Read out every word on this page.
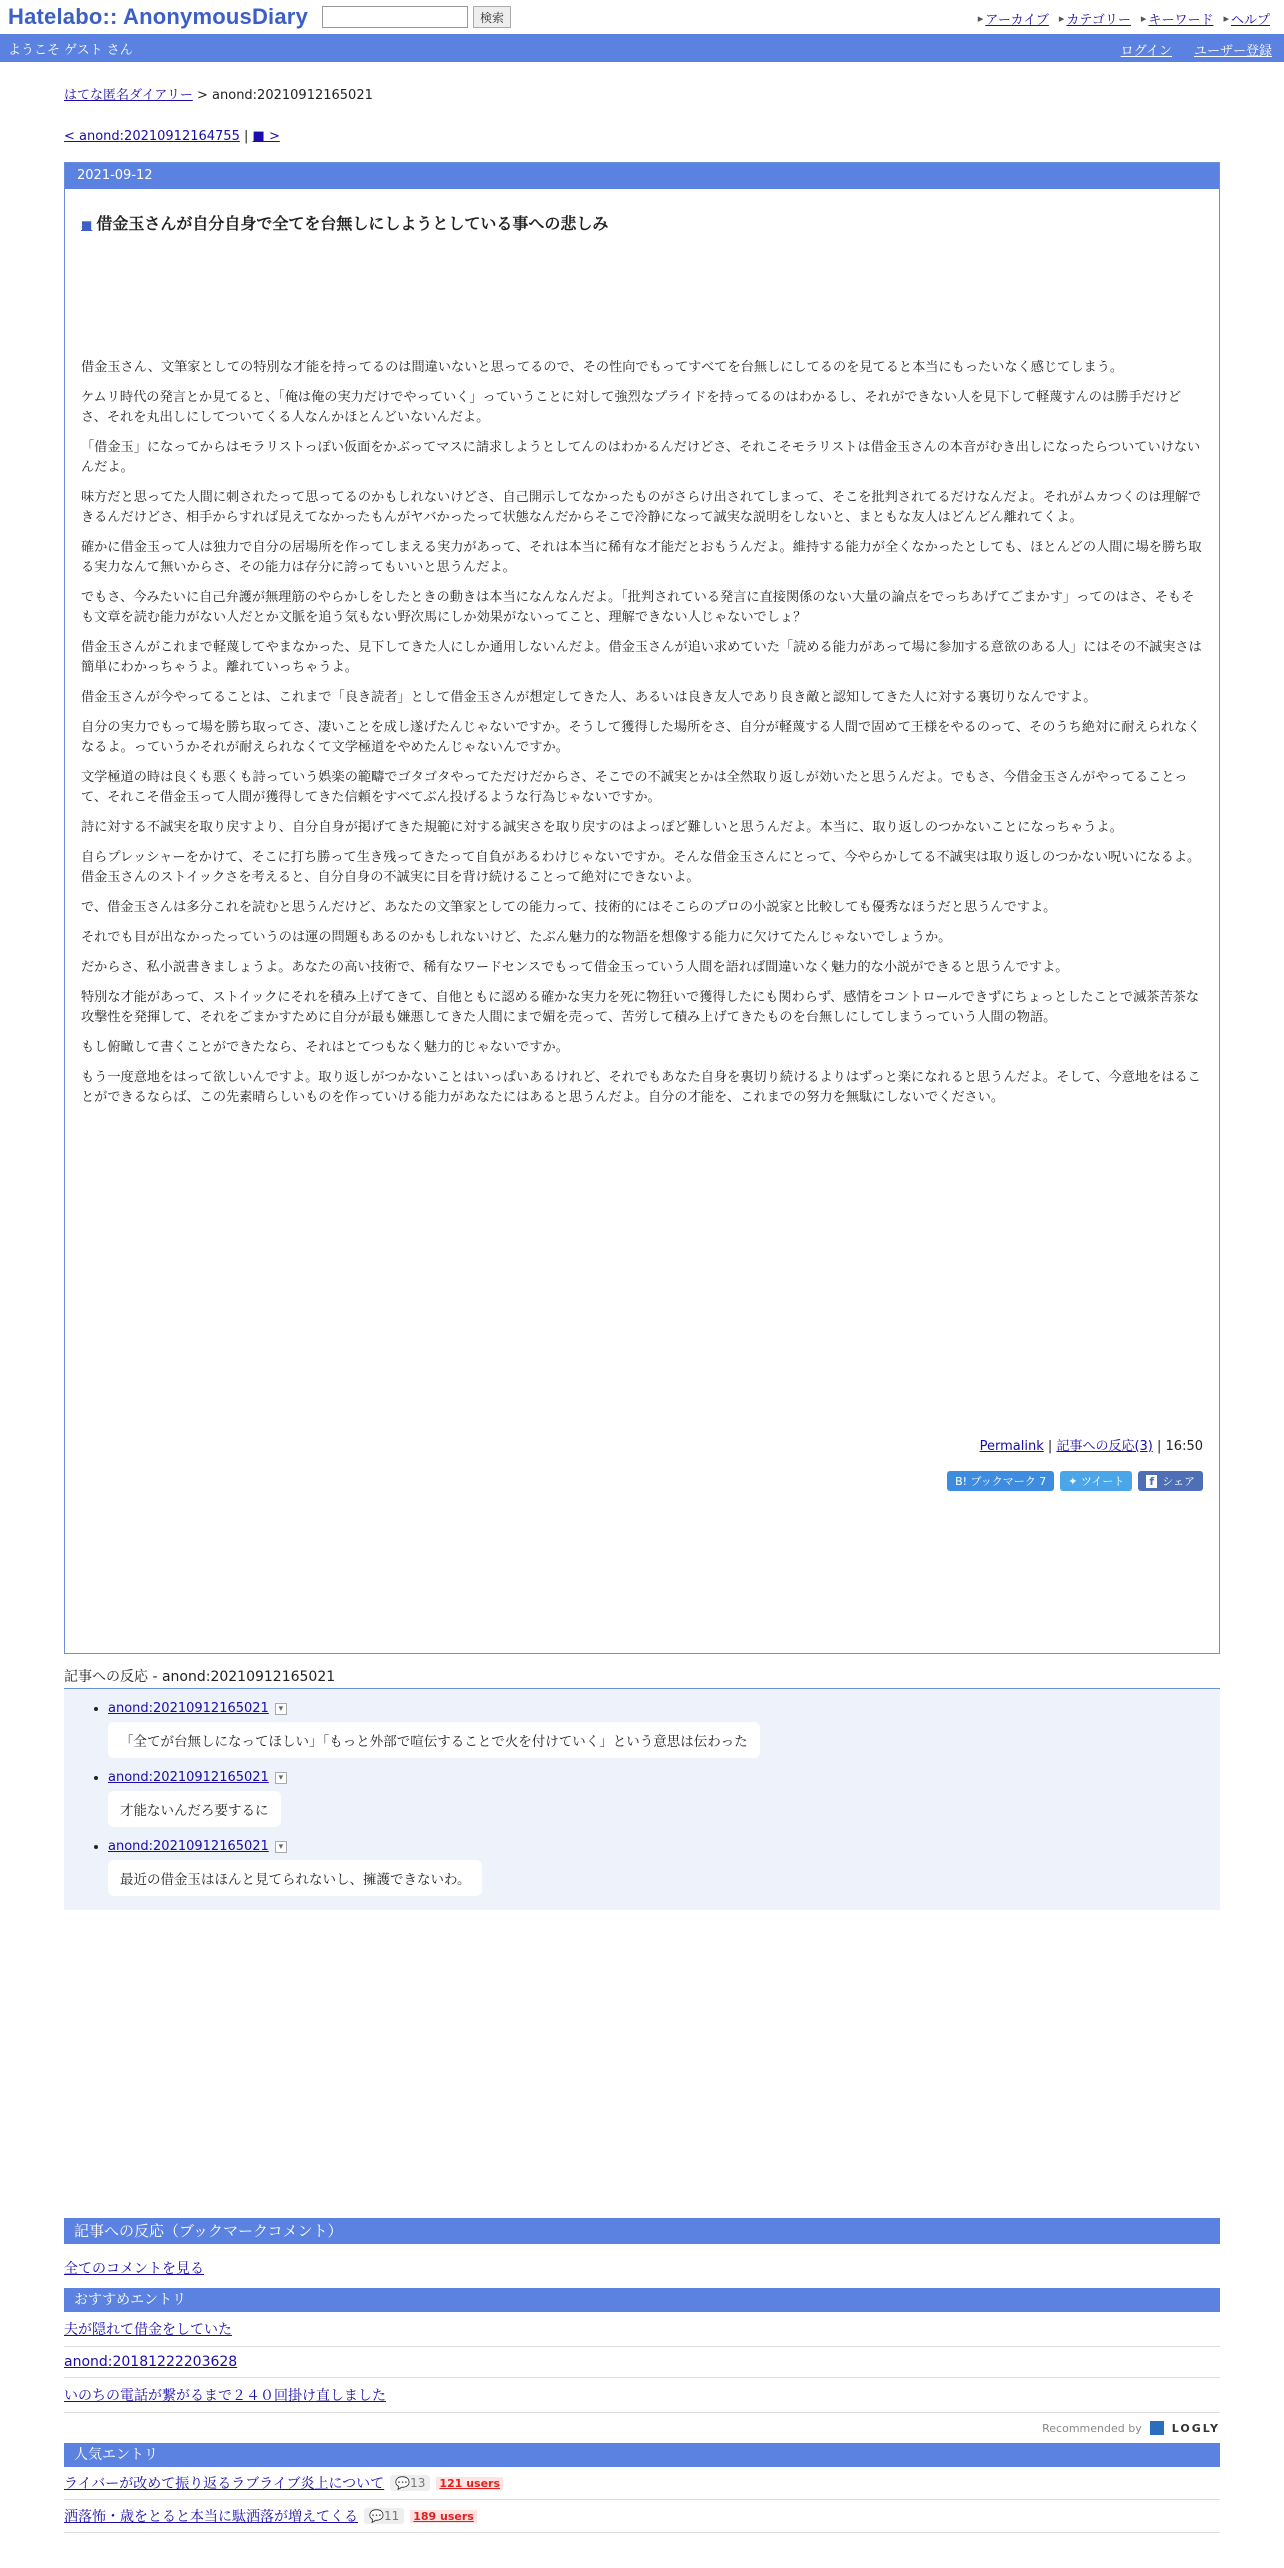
Hatelabo:: AnonymousDiary	検索	▸ アーカイブ ▸ カテゴリー ▸ キーワード ▸ ヘルプ
ようこそ ゲスト さん	ログイン ユーザー登録
はてな匿名ダイアリー > anond:20210912165021
< anond:20210912164755 | ■ >
2021-09-12
■ 借金玉さんが自分自身で全てを台無しにしようとしている事への悲しみ

借金玉さん、文筆家としての特別な才能を持ってるのは間違いないと思ってるので、その性向でもってすべてを台無しにしてるのを見てると本当にもったいなく感じてしまう。

ケムリ時代の発言とか見てると、「俺は俺の実力だけでやっていく」っていうことに対して強烈なプライドを持ってるのはわかるし、それができない人を見下して軽蔑すんのは勝手だけどさ、それを丸出しにしてついてくる人なんかほとんどいないんだよ。

「借金玉」になってからはモラリストっぽい仮面をかぶってマスに請求しようとしてんのはわかるんだけどさ、それこそモラリストは借金玉さんの本音がむき出しになったらついていけないんだよ。

味方だと思ってた人間に刺されたって思ってるのかもしれないけどさ、自己開示してなかったものがさらけ出されてしまって、そこを批判されてるだけなんだよ。それがムカつくのは理解できるんだけどさ、相手からすれば見えてなかったもんがヤバかったって状態なんだからそこで冷静になって誠実な説明をしないと、まともな友人はどんどん離れてくよ。

確かに借金玉って人は独力で自分の居場所を作ってしまえる実力があって、それは本当に稀有な才能だとおもうんだよ。維持する能力が全くなかったとしても、ほとんどの人間に場を勝ち取る実力なんて無いからさ、その能力は存分に誇ってもいいと思うんだよ。

でもさ、今みたいに自己弁護が無理筋のやらかしをしたときの動きは本当になんなんだよ。「批判されている発言に直接関係のない大量の論点をでっちあげてごまかす」ってのはさ、そもそも文章を読む能力がない人だとか文脈を追う気もない野次馬にしか効果がないってこと、理解できない人じゃないでしょ？

借金玉さんがこれまで軽蔑してやまなかった、見下してきた人にしか通用しないんだよ。借金玉さんが追い求めていた「読める能力があって場に参加する意欲のある人」にはその不誠実さは簡単にわかっちゃうよ。離れていっちゃうよ。

借金玉さんが今やってることは、これまで「良き読者」として借金玉さんが想定してきた人、あるいは良き友人であり良き敵と認知してきた人に対する裏切りなんですよ。

自分の実力でもって場を勝ち取ってさ、凄いことを成し遂げたんじゃないですか。そうして獲得した場所をさ、自分が軽蔑する人間で固めて王様をやるのって、そのうち絶対に耐えられなくなるよ。っていうかそれが耐えられなくて文学極道をやめたんじゃないんですか。

文学極道の時は良くも悪くも詩っていう娯楽の範疇でゴタゴタやってただけだからさ、そこでの不誠実とかは全然取り返しが効いたと思うんだよ。でもさ、今借金玉さんがやってることって、それこそ借金玉って人間が獲得してきた信頼をすべてぶん投げるような行為じゃないですか。

詩に対する不誠実を取り戻すより、自分自身が掲げてきた規範に対する誠実さを取り戻すのはよっぽど難しいと思うんだよ。本当に、取り返しのつかないことになっちゃうよ。

自らプレッシャーをかけて、そこに打ち勝って生き残ってきたって自負があるわけじゃないですか。そんな借金玉さんにとって、今やらかしてる不誠実は取り返しのつかない呪いになるよ。借金玉さんのストイックさを考えると、自分自身の不誠実に目を背け続けることって絶対にできないよ。

で、借金玉さんは多分これを読むと思うんだけど、あなたの文筆家としての能力って、技術的にはそこらのプロの小説家と比較しても優秀なほうだと思うんですよ。

それでも目が出なかったっていうのは運の問題もあるのかもしれないけど、たぶん魅力的な物語を想像する能力に欠けてたんじゃないでしょうか。

だからさ、私小説書きましょうよ。あなたの高い技術で、稀有なワードセンスでもって借金玉っていう人間を語れば間違いなく魅力的な小説ができると思うんですよ。

特別な才能があって、ストイックにそれを積み上げてきて、自他ともに認める確かな実力を死に物狂いで獲得したにも関わらず、感情をコントロールできずにちょっとしたことで滅茶苦茶な攻撃性を発揮して、それをごまかすために自分が最も嫌悪してきた人間にまで媚を売って、苦労して積み上げてきたものを台無しにしてしまうっていう人間の物語。

もし俯瞰して書くことができたなら、それはとてつもなく魅力的じゃないですか。

もう一度意地をはって欲しいんですよ。取り返しがつかないことはいっぱいあるけれど、それでもあなた自身を裏切り続けるよりはずっと楽になれると思うんだよ。そして、今意地をはることができるならば、この先素晴らしいものを作っていける能力があなたにはあると思うんだよ。自分の才能を、これまでの努力を無駄にしないでください。

Permalink | 記事への反応(3) | 16:50
B! ブックマーク 7	✦ ツイート f シェア
記事への反応 - anond:20210912165021
• anond:20210912165021 ▾
「全てが台無しになってほしい」「もっと外部で喧伝することで火を付けていく」という意思は伝わった
• anond:20210912165021 ▾
才能ないんだろ要するに
• anond:20210912165021 ▾
最近の借金玉はほんと見てられないし、擁護できないわ。
記事への反応（ブックマークコメント）
全てのコメントを見る
おすすめエントリ
夫が隠れて借金をしていた
anond:20181222203628
いのちの電話が繋がるまで２４０回掛け直しました
Recommended by	LOGLY
人気エントリ
ライバーが改めて振り返るラブライブ炎上について 💬13	121 users
洒落怖・歳をとると本当に駄洒落が増えてくる 💬11	189 users
